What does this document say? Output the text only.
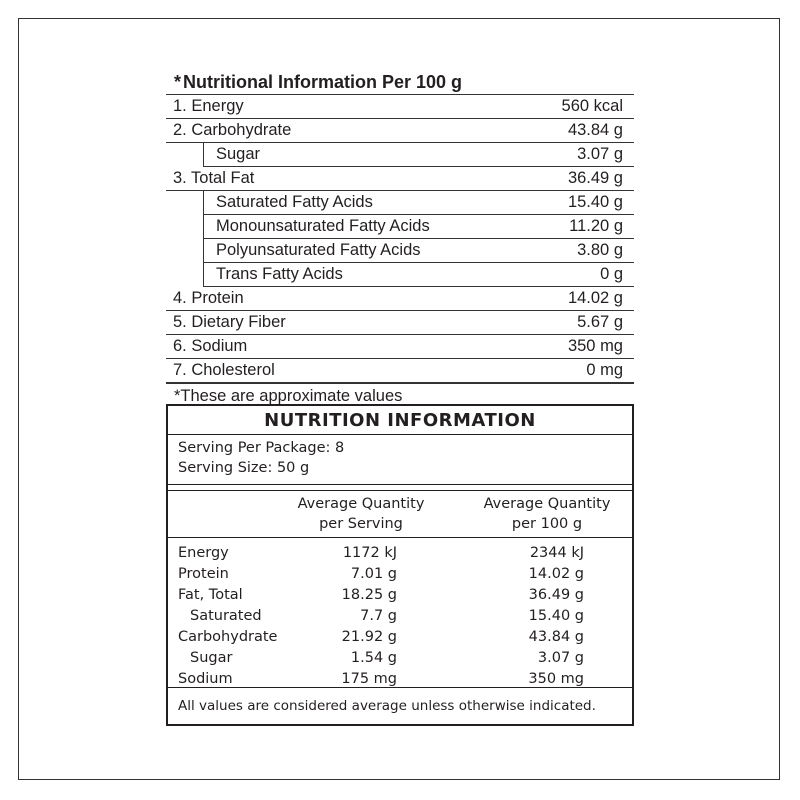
* Nutritional Information Per 100 g
1. Energy	560 kcal
2. Carbohydrate	43.84 g
Sugar	3.07 g
3. Total Fat	36.49 g
Saturated Fatty Acids	15.40 g
Monounsaturated Fatty Acids	11.20 g
Polyunsaturated Fatty Acids	3.80 g
Trans Fatty Acids	0 g
4. Protein	14.02 g
5. Dietary Fiber	5.67 g
6. Sodium	350 mg
7. Cholesterol	0 mg
*These are approximate values
NUTRITION INFORMATION
Serving Per Package: 8
Serving Size: 50 g
Average Quantity
per Serving
Average Quantity
per 100 g
Energy	1172 kJ	2344 kJ
Protein	7.01 g	14.02 g
Fat, Total	18.25 g	36.49 g
Saturated	7.7 g	15.40 g
Carbohydrate	21.92 g	43.84 g
Sugar	1.54 g	3.07 g
Sodium	175 mg	350 mg
All values are considered average unless otherwise indicated.
